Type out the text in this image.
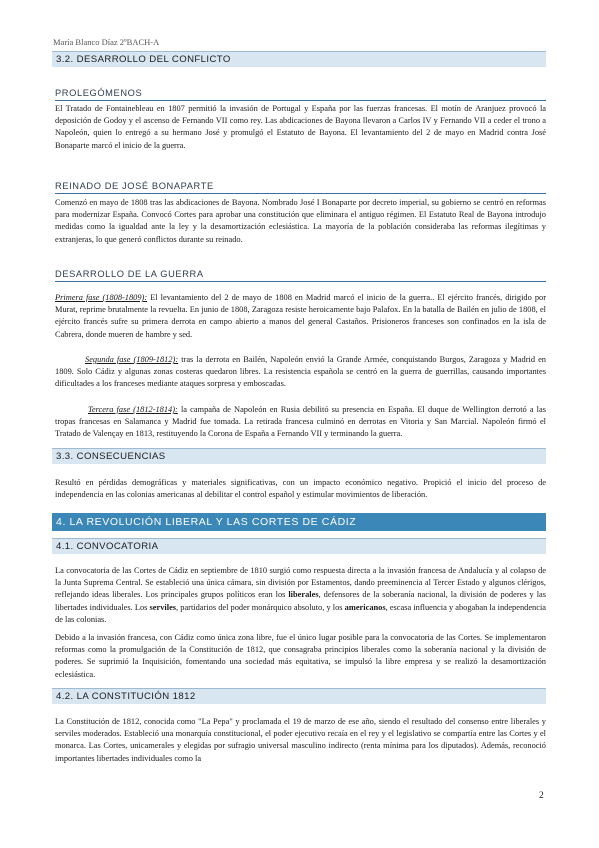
María Blanco Díaz 2ºBACH-A
3.2. DESARROLLO DEL CONFLICTO
PROLEGÓMENOS
El Tratado de Fontainebleau en 1807 permitió la invasión de Portugal y España por las fuerzas francesas. El motín de Aranjuez provocó la deposición de Godoy y el ascenso de Fernando VII como rey. Las abdicaciones de Bayona llevaron a Carlos IV y Fernando VII a ceder el trono a Napoleón, quien lo entregó a su hermano José y promulgó el Estatuto de Bayona. El levantamiento del 2 de mayo en Madrid contra José Bonaparte marcó el inicio de la guerra.
REINADO DE JOSÉ BONAPARTE
Comenzó en mayo de 1808 tras las abdicaciones de Bayona. Nombrado José I Bonaparte por decreto imperial, su gobierno se centró en reformas para modernizar España. Convocó Cortes para aprobar una constitución que eliminara el antiguo régimen. El Estatuto Real de Bayona introdujo medidas como la igualdad ante la ley y la desamortización eclesiástica. La mayoría de la población consideraba las reformas ilegítimas y extranjeras, lo que generó conflictos durante su reinado.
DESARROLLO DE LA GUERRA
Primera fase (1808-1809): El levantamiento del 2 de mayo de 1808 en Madrid marcó el inicio de la guerra.. El ejército francés, dirigido por Murat, reprime brutalmente la revuelta. En junio de 1808, Zaragoza resiste heroicamente bajo Palafox. En la batalla de Bailén en julio de 1808, el ejército francés sufre su primera derrota en campo abierto a manos del general Castaños. Prisioneros franceses son confinados en la isla de Cabrera, donde mueren de hambre y sed.
Segunda fase (1809-1812): tras la derrota en Bailén, Napoleón envió la Grande Armée, conquistando Burgos, Zaragoza y Madrid en 1809. Solo Cádiz y algunas zonas costeras quedaron libres. La resistencia española se centró en la guerra de guerrillas, causando importantes dificultades a los franceses mediante ataques sorpresa y emboscadas.
Tercera fase (1812-1814): la campaña de Napoleón en Rusia debilitó su presencia en España. El duque de Wellington derrotó a las tropas francesas en Salamanca y Madrid fue tomada. La retirada francesa culminó en derrotas en Vitoria y San Marcial. Napoleón firmó el Tratado de Valençay en 1813, restituyendo la Corona de España a Fernando VII y terminando la guerra.
3.3. CONSECUENCIAS
Resultó en pérdidas demográficas y materiales significativas, con un impacto económico negativo. Propició el inicio del proceso de independencia en las colonias americanas al debilitar el control español y estimular movimientos de liberación.
4. LA REVOLUCIÓN LIBERAL Y LAS CORTES DE CÁDIZ
4.1. CONVOCATORIA
La convocatoria de las Cortes de Cádiz en septiembre de 1810 surgió como respuesta directa a la invasión francesa de Andalucía y al colapso de la Junta Suprema Central. Se estableció una única cámara, sin división por Estamentos, dando preeminencia al Tercer Estado y algunos clérigos, reflejando ideas liberales. Los principales grupos políticos eran los liberales, defensores de la soberanía nacional, la división de poderes y las libertades individuales. Los serviles, partidarios del poder monárquico absoluto, y los americanos, escasa influencia y abogaban la independencia de las colonias.
Debido a la invasión francesa, con Cádiz como única zona libre, fue el único lugar posible para la convocatoria de las Cortes. Se implementaron reformas como la promulgación de la Constitución de 1812, que consagraba principios liberales como la soberanía nacional y la división de poderes. Se suprimió la Inquisición, fomentando una sociedad más equitativa, se impulsó la libre empresa y se realizó la desamortización eclesiástica.
4.2. LA CONSTITUCIÓN 1812
La Constitución de 1812, conocida como "La Pepa" y proclamada el 19 de marzo de ese año, siendo el resultado del consenso entre liberales y serviles moderados. Estableció una monarquía constitucional, el poder ejecutivo recaía en el rey y el legislativo se compartía entre las Cortes y el monarca. Las Cortes, unicamerales y elegidas por sufragio universal masculino indirecto (renta mínima para los diputados). Además, reconoció importantes libertades individuales como la
2
